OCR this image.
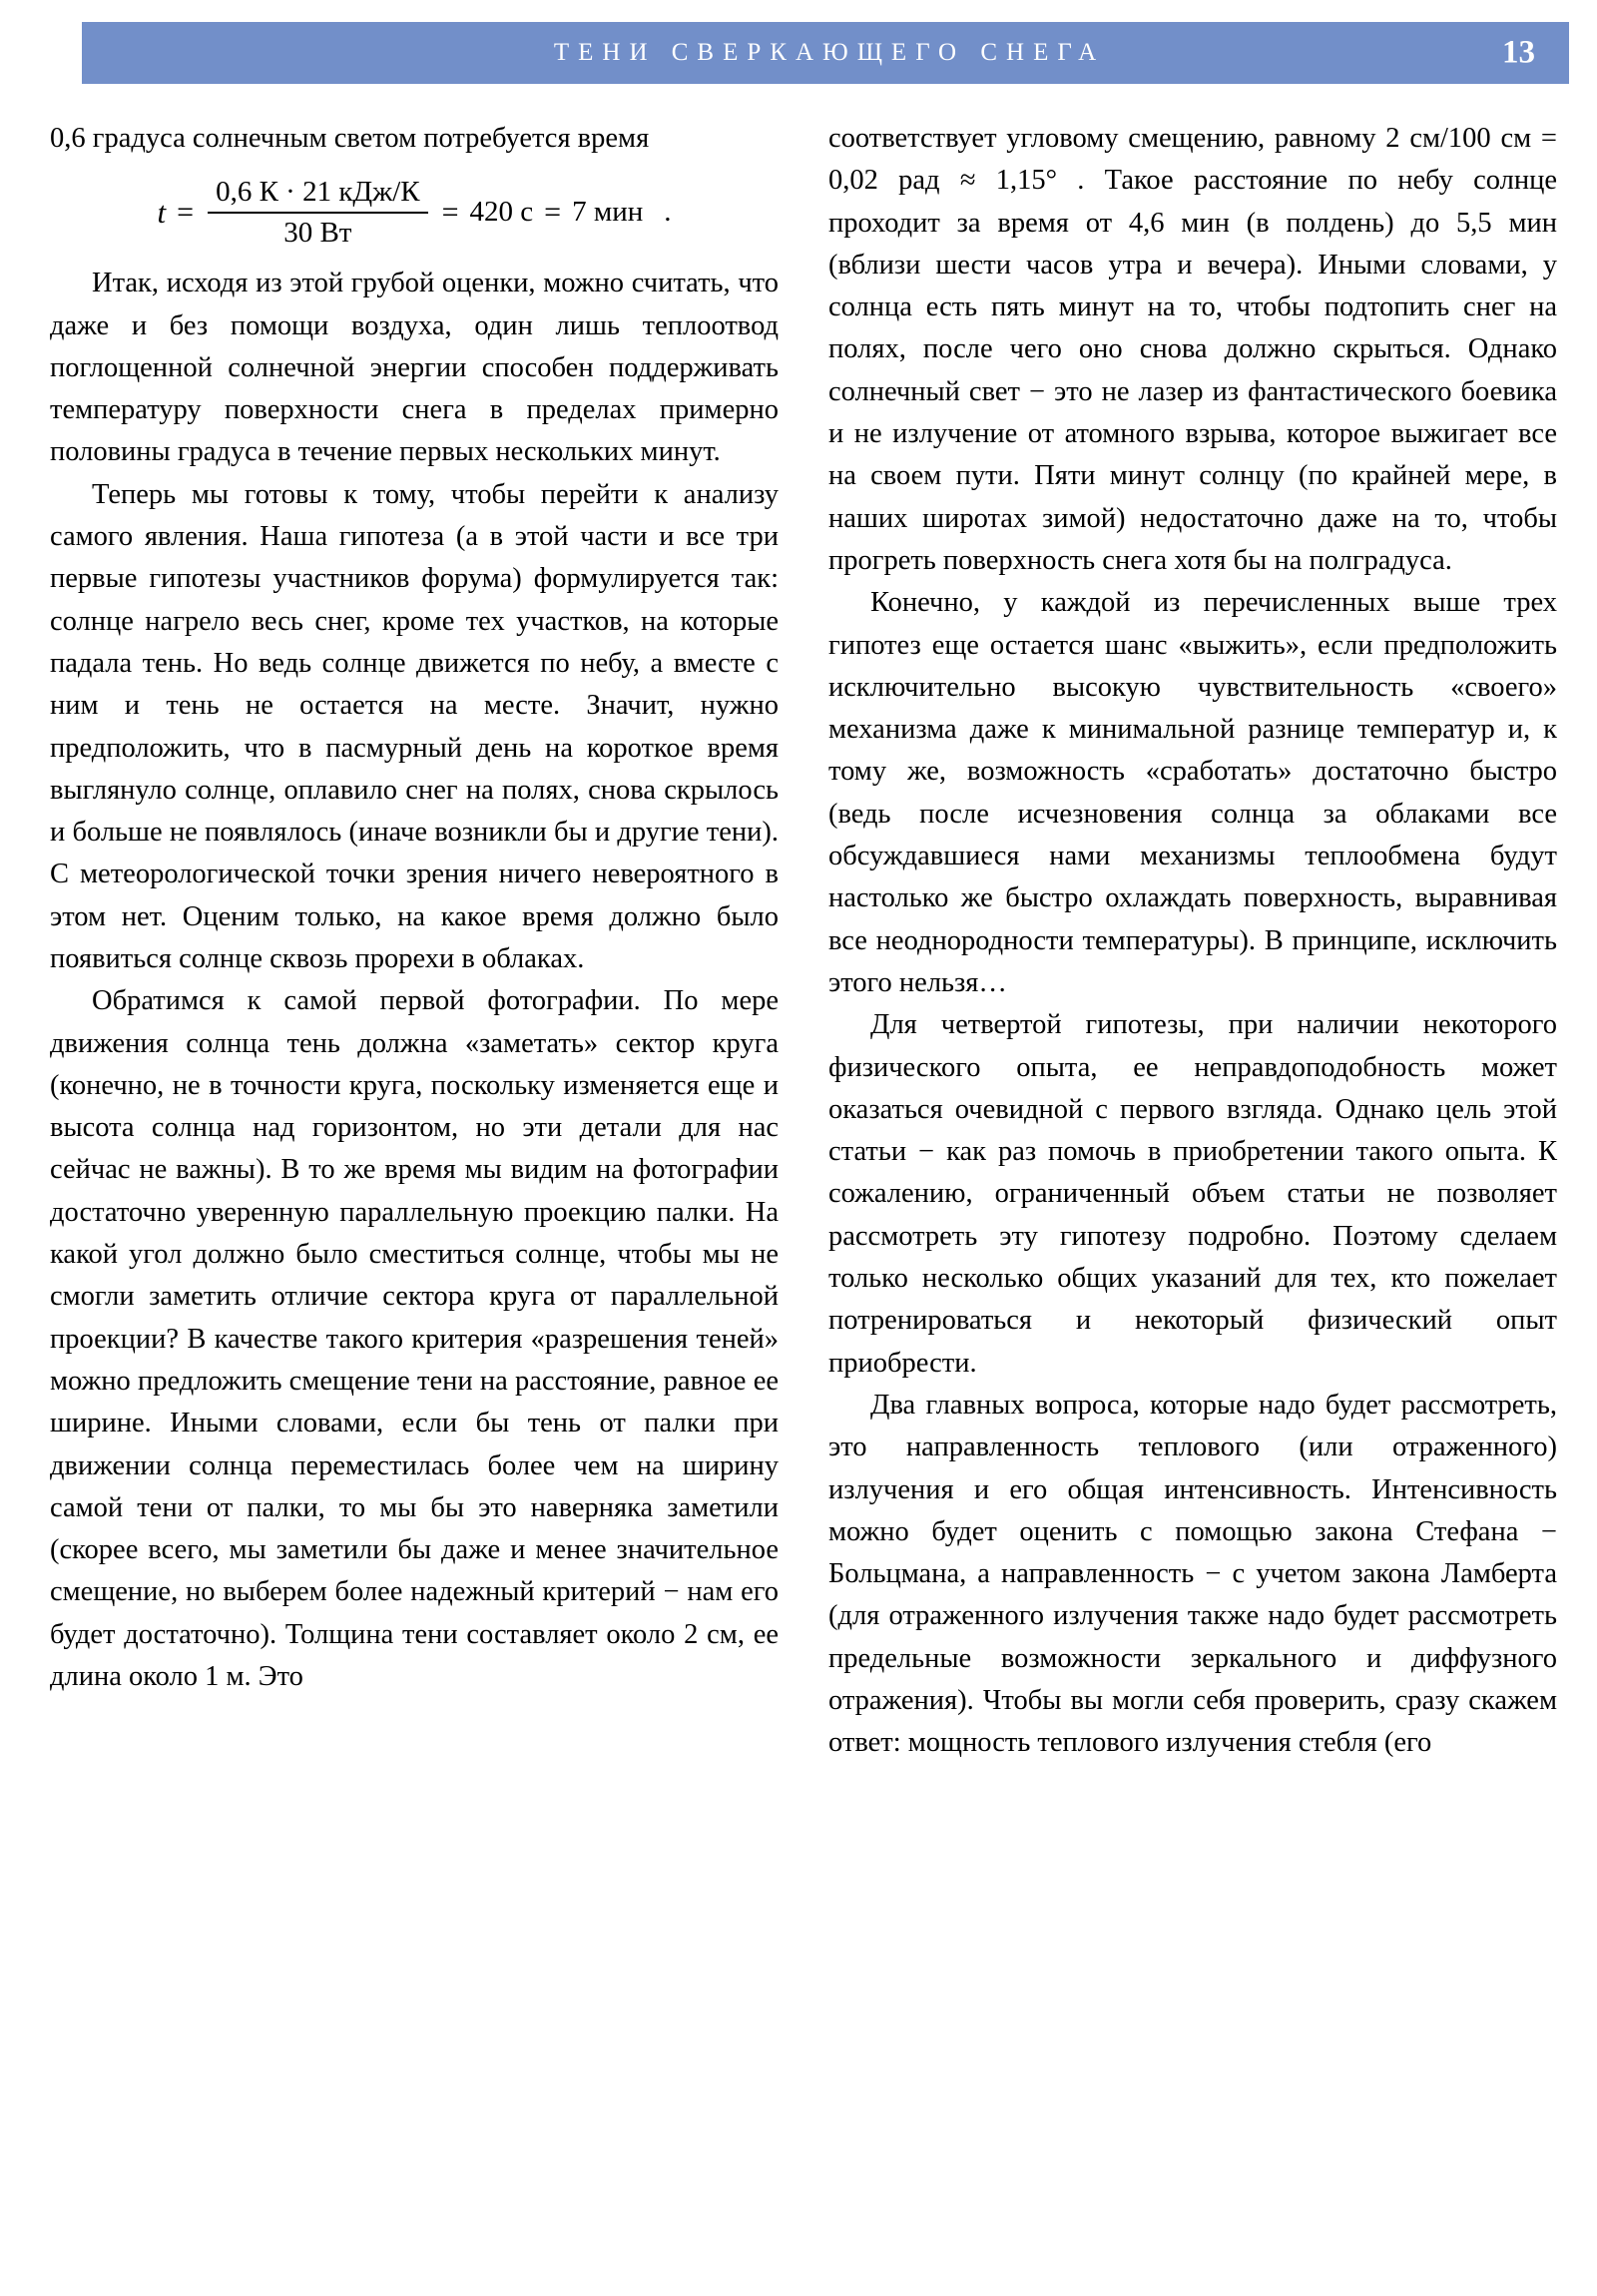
ТЕНИ СВЕРКАЮЩЕГО СНЕГА	13

0,6 градуса солнечным светом потребуется время

$t = \frac{\text{0,6 К · 21 кДж/К}}{30 Вт} = 420$ с = 7 мин .

Итак, исходя из этой грубой оценки, можно считать, что даже и без помощи воздуха, один лишь теплоотвод поглощенной солнечной энергии способен поддерживать температуру поверхности снега в пределах примерно половины градуса в течение первых нескольких минут.

Теперь мы готовы к тому, чтобы перейти к анализу самого явления. Наша гипотеза (а в этой части и все три первые гипотезы участников форума) формулируется так: солнце нагрело весь снег, кроме тех участков, на которые падала тень. Но ведь солнце движется по небу, а вместе с ним и тень не остается на месте. Значит, нужно предположить, что в пасмурный день на короткое время выглянуло солнце, оплавило снег на полях, снова скрылось и больше не появлялось (иначе возникли бы и другие тени). С метеорологической точки зрения ничего невероятного в этом нет. Оценим только, на какое время должно было появиться солнце сквозь прорехи в облаках.

Обратимся к самой первой фотографии. По мере движения солнца тень должна «заметать» сектор круга (конечно, не в точности круга, поскольку изменяется еще и высота солнца над горизонтом, но эти детали для нас сейчас не важны). В то же время мы видим на фотографии достаточно уверенную параллельную проекцию палки. На какой угол должно было сместиться солнце, чтобы мы не смогли заметить отличие сектора круга от параллельной проекции? В качестве такого критерия «разрешения теней» можно предложить смещение тени на расстояние, равное ее ширине. Иными словами, если бы тень от палки при движении солнца переместилась более чем на ширину самой тени от палки, то мы бы это наверняка заметили (скорее всего, мы заметили бы даже и менее значительное смещение, но выберем более надежный критерий − нам его будет достаточно). Толщина тени составляет около 2 см, ее длина около 1 м. Это

соответствует угловому смещению, равному 2 см/100 см = 0,02 рад ≈ 1,15° . Такое расстояние по небу солнце проходит за время от 4,6 мин (в полдень) до 5,5 мин (вблизи шести часов утра и вечера). Иными словами, у солнца есть пять минут на то, чтобы подтопить снег на полях, после чего оно снова должно скрыться. Однако солнечный свет − это не лазер из фантастического боевика и не излучение от атомного взрыва, которое выжигает все на своем пути. Пяти минут солнцу (по крайней мере, в наших широтах зимой) недостаточно даже на то, чтобы прогреть поверхность снега хотя бы на полградуса.

Конечно, у каждой из перечисленных выше трех гипотез еще остается шанс «выжить», если предположить исключительно высокую чувствительность «своего» механизма даже к минимальной разнице температур и, к тому же, возможность «сработать» достаточно быстро (ведь после исчезновения солнца за облаками все обсуждавшиеся нами механизмы теплообмена будут настолько же быстро охлаждать поверхность, выравнивая все неоднородности температуры). В принципе, исключить этого нельзя…

Для четвертой гипотезы, при наличии некоторого физического опыта, ее неправдоподобность может оказаться очевидной с первого взгляда. Однако цель этой статьи − как раз помочь в приобретении такого опыта. К сожалению, ограниченный объем статьи не позволяет рассмотреть эту гипотезу подробно. Поэтому сделаем только несколько общих указаний для тех, кто пожелает потренироваться и некоторый физический опыт приобрести.

Два главных вопроса, которые надо будет рассмотреть, это направленность теплового (или отраженного) излучения и его общая интенсивность. Интенсивность можно будет оценить с помощью закона Стефана − Больцмана, а направленность − с учетом закона Ламберта (для отраженного излучения также надо будет рассмотреть предельные возможности зеркального и диффузного отражения). Чтобы вы могли себя проверить, сразу скажем ответ: мощность теплового излучения стебля (его
